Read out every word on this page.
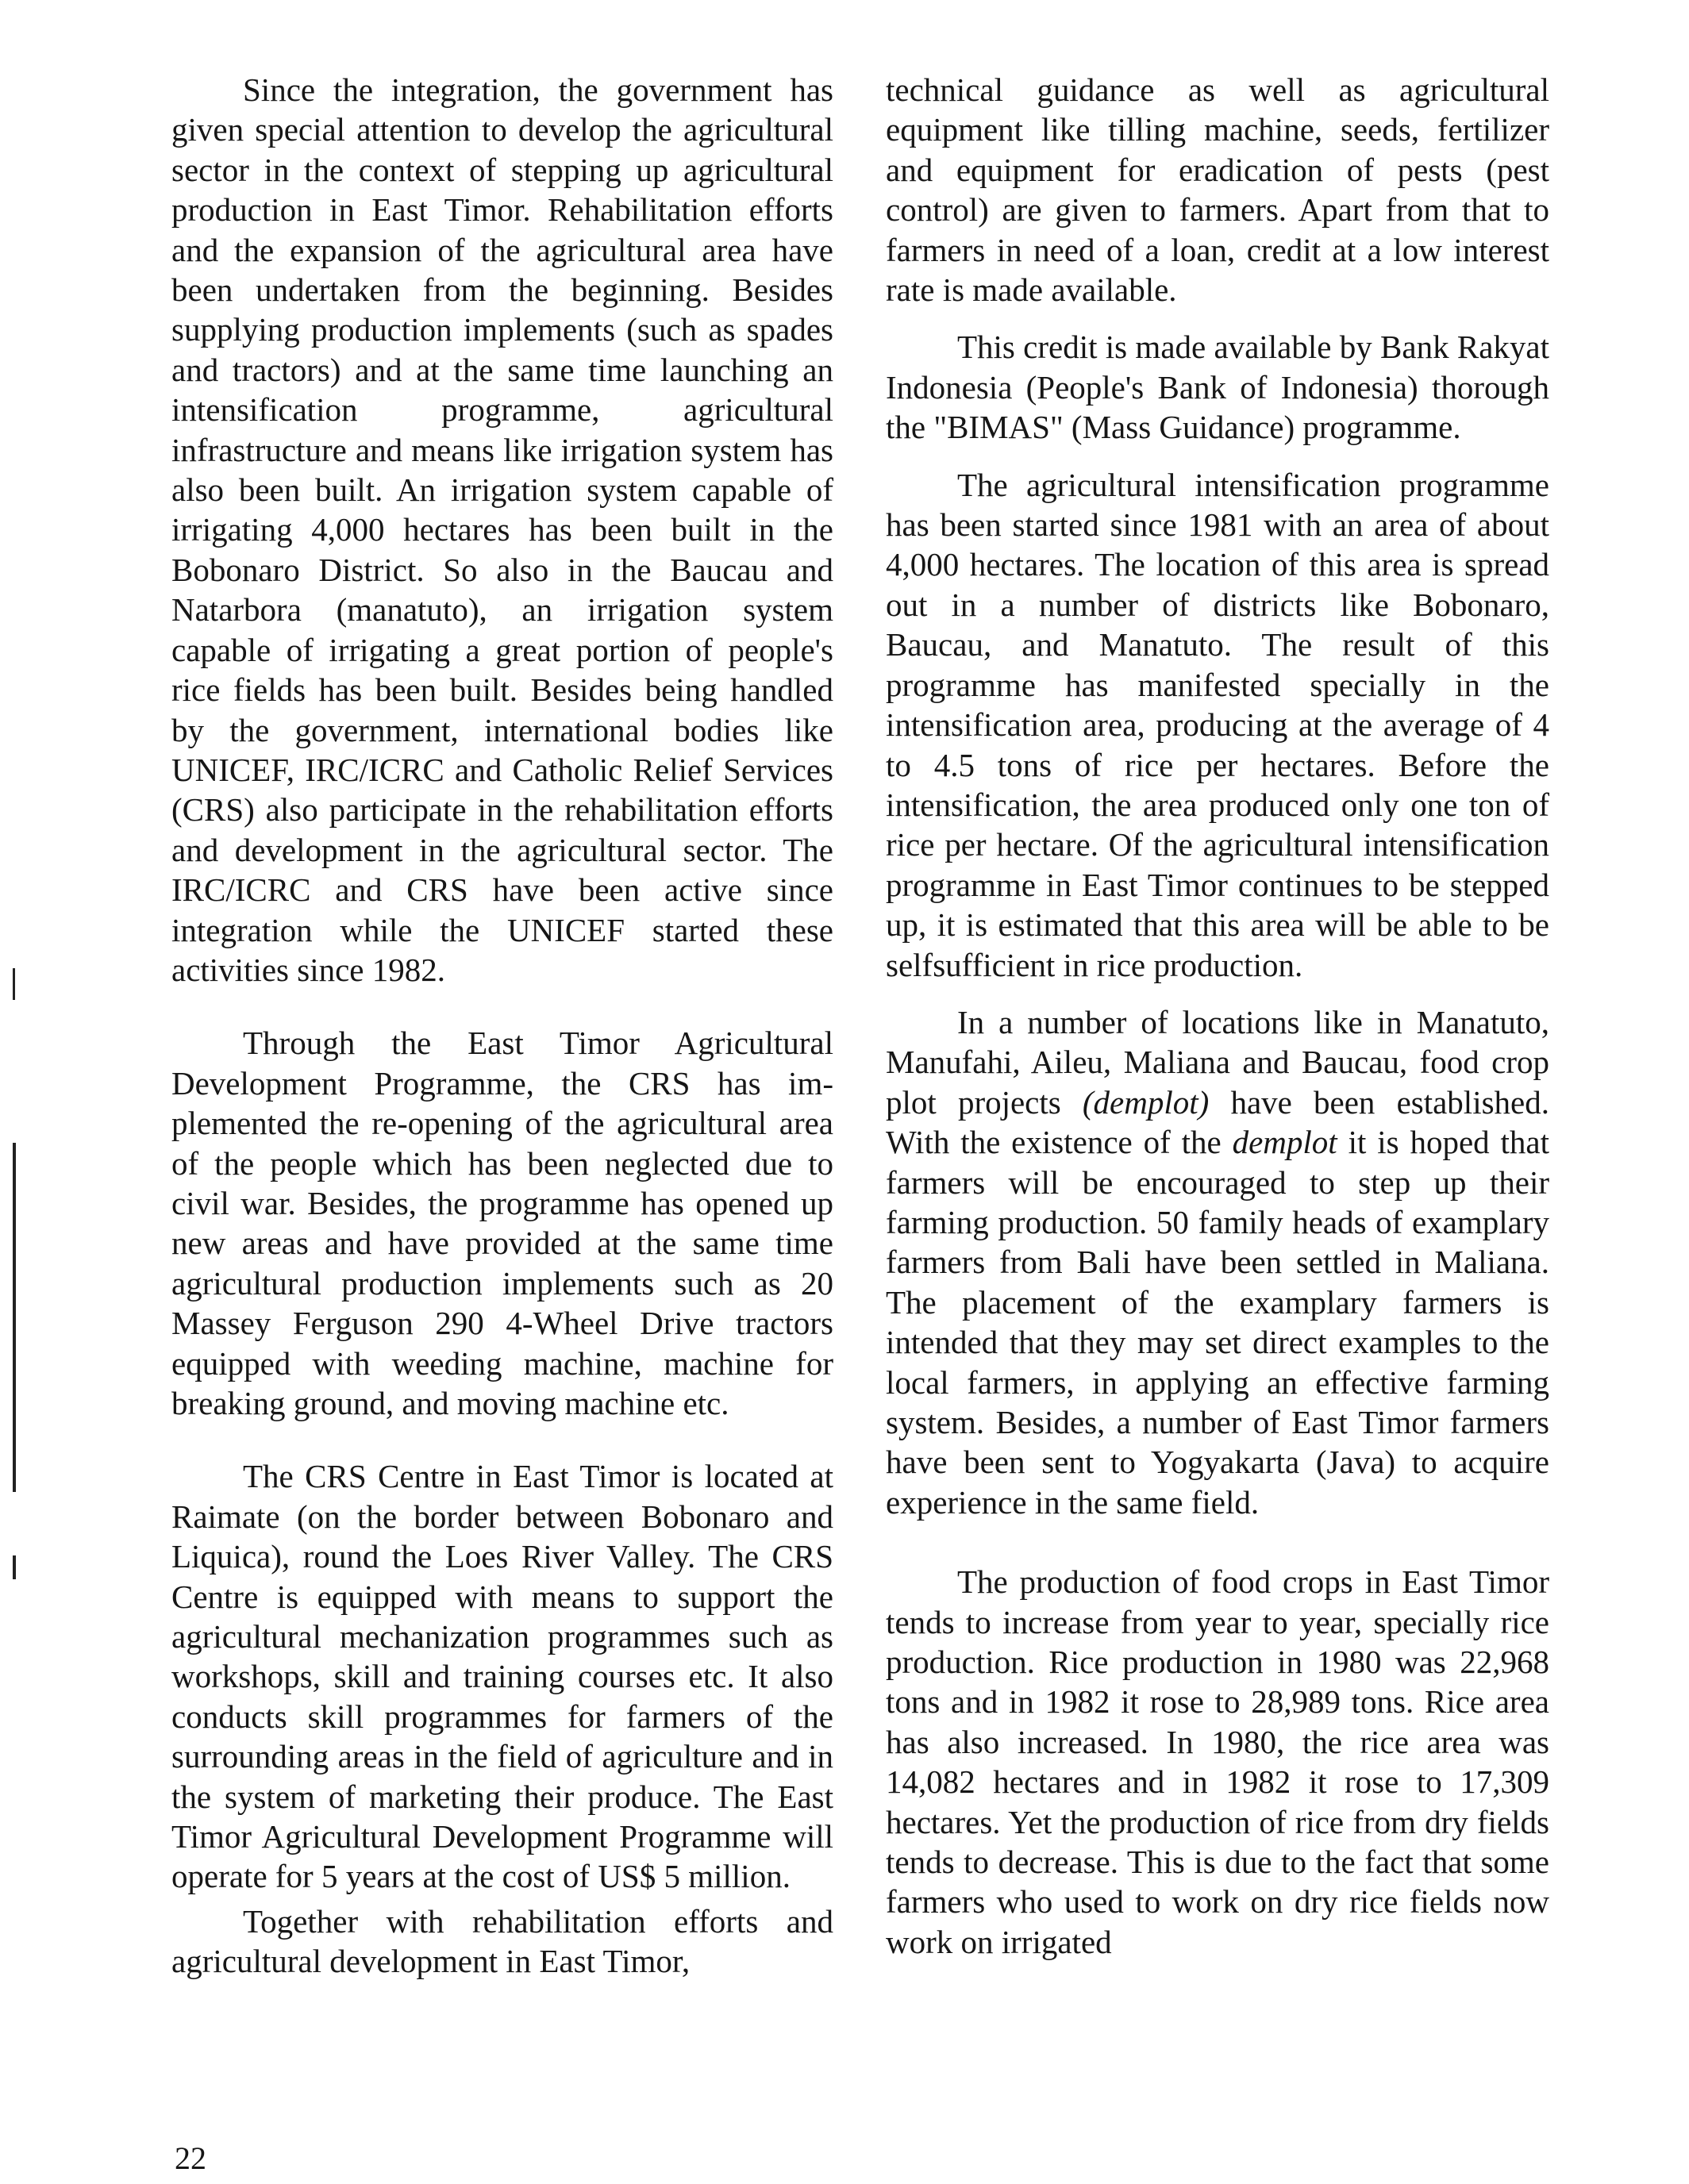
Since the integration, the government has given special attention to develop the agricultural sector in the context of stepping up agricultural production in East Timor. Rehabilitation efforts and the expansion of the agricultural area have been undertaken from the beginning. Besides supplying production implements (such as spades and tractors) and at the same time launching an intensification programme, agricultural infrastructure and means like irrigation system has also been built. An irrigation system capable of irrigating 4,000 hectares has been built in the Bobonaro District. So also in the Baucau and Natarbora (manatuto), an irrigation system capable of irrigating a great portion of people's rice fields has been built. Besides being handled by the government, international bodies like UNICEF, IRC/ICRC and Catholic Relief Services (CRS) also participate in the rehabilitation efforts and development in the agricultural sector. The IRC/ICRC and CRS have been active since integration while the UNICEF started these activities since 1982.

Through the East Timor Agricultural Development Programme, the CRS has implemented the re-opening of the agricultural area of the people which has been neglected due to civil war. Besides, the programme has opened up new areas and have provided at the same time agricultural production implements such as 20 Massey Ferguson 290 4-Wheel Drive tractors equipped with weeding machine, machine for breaking ground, and moving machine etc.

The CRS Centre in East Timor is located at Raimate (on the border between Bobonaro and Liquica), round the Loes River Valley. The CRS Centre is equipped with means to support the agricultural mechanization programmes such as workshops, skill and training courses etc. It also conducts skill programmes for farmers of the surrounding areas in the field of agriculture and in the system of marketing their produce. The East Timor Agricultural Development Programme will operate for 5 years at the cost of US$ 5 million.

Together with rehabilitation efforts and agricultural development in East Timor,

technical guidance as well as agricultural equipment like tilling machine, seeds, fertilizer and equipment for eradication of pests (pest control) are given to farmers. Apart from that to farmers in need of a loan, credit at a low interest rate is made available.

This credit is made available by Bank Rakyat Indonesia (People's Bank of Indonesia) thorough the "BIMAS" (Mass Guidance) programme.

The agricultural intensification programme has been started since 1981 with an area of about 4,000 hectares. The location of this area is spread out in a number of districts like Bobonaro, Baucau, and Manatuto. The result of this programme has manifested specially in the intensification area, producing at the average of 4 to 4.5 tons of rice per hectares. Before the intensification, the area produced only one ton of rice per hectare. Of the agricultural intensification programme in East Timor continues to be stepped up, it is estimated that this area will be able to be selfsufficient in rice production.

In a number of locations like in Manatuto, Manufahi, Aileu, Maliana and Baucau, food crop plot projects (demplot) have been established. With the existence of the demplot it is hoped that farmers will be encouraged to step up their farming production. 50 family heads of examplary farmers from Bali have been settled in Maliana. The placement of the examplary farmers is intended that they may set direct examples to the local farmers, in applying an effective farming system. Besides, a number of East Timor farmers have been sent to Yogyakarta (Java) to acquire experience in the same field.

The production of food crops in East Timor tends to increase from year to year, specially rice production. Rice production in 1980 was 22,968 tons and in 1982 it rose to 28,989 tons. Rice area has also increased. In 1980, the rice area was 14,082 hectares and in 1982 it rose to 17,309 hectares. Yet the production of rice from dry fields tends to decrease. This is due to the fact that some farmers who used to work on dry rice fields now work on irrigated

22
